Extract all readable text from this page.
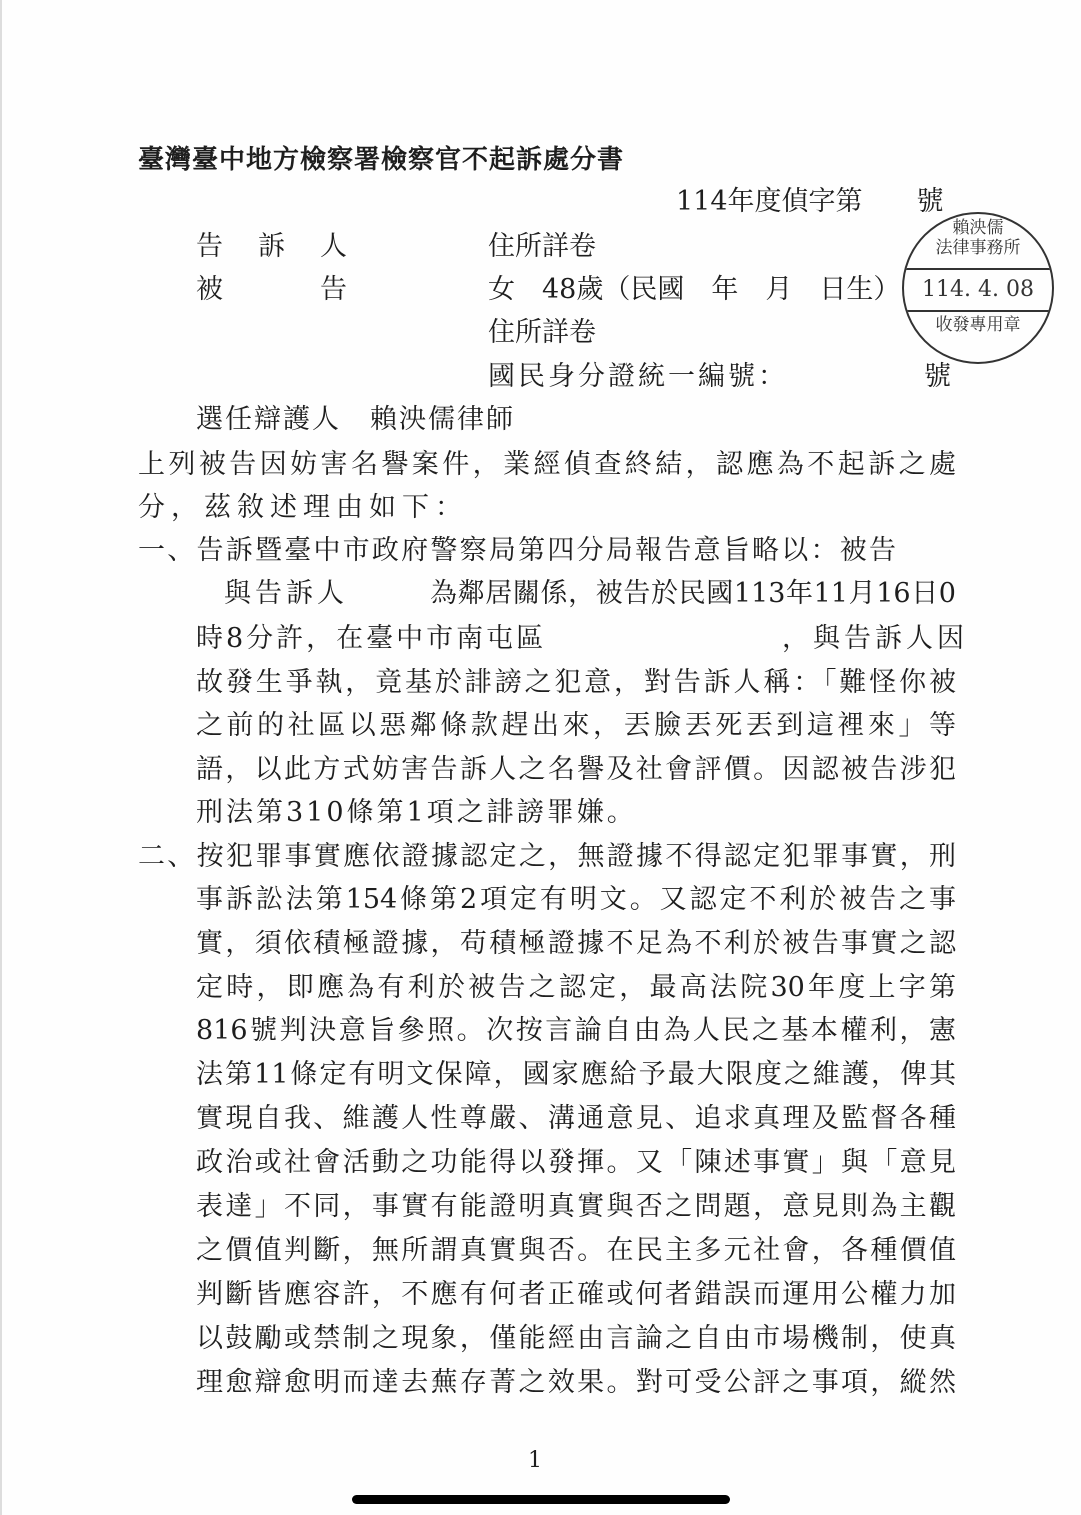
臺灣臺中地方檢察署檢察官不起訴處分書
114年度偵字第　　號
告　訴　人	住所詳卷
被　　　告	女　48歲（民國　年　月　日生）
住所詳卷
國民身分證統一編號：	號
選任辯護人 賴泱儒律師
賴泱儒
法律事務所
114. 4. 08
收發專用章
上列被告因妨害名譽案件，業經偵查終結，認應為不起訴之處
分，茲敘述理由如下：
一、告訴暨臺中市政府警察局第四分局報告意旨略以：被告
與告訴人	為鄰居關係，被告於民國113年11月16日0
時8分許，在臺中市南屯區	，與告訴人因
故發生爭執，竟基於誹謗之犯意，對告訴人稱：「難怪你被
之前的社區以惡鄰條款趕出來，丟臉丟死丟到這裡來」等
語，以此方式妨害告訴人之名譽及社會評價。因認被告涉犯
刑法第310條第1項之誹謗罪嫌。
二、按犯罪事實應依證據認定之，無證據不得認定犯罪事實，刑
事訴訟法第154條第2項定有明文。又認定不利於被告之事
實，須依積極證據，苟積極證據不足為不利於被告事實之認
定時，即應為有利於被告之認定，最高法院30年度上字第
816號判決意旨參照。次按言論自由為人民之基本權利，憲
法第11條定有明文保障，國家應給予最大限度之維護，俾其
實現自我、維護人性尊嚴、溝通意見、追求真理及監督各種
政治或社會活動之功能得以發揮。又「陳述事實」與「意見
表達」不同，事實有能證明真實與否之問題，意見則為主觀
之價值判斷，無所謂真實與否。在民主多元社會，各種價值
判斷皆應容許，不應有何者正確或何者錯誤而運用公權力加
以鼓勵或禁制之現象，僅能經由言論之自由市場機制，使真
理愈辯愈明而達去蕪存菁之效果。對可受公評之事項，縱然
1
